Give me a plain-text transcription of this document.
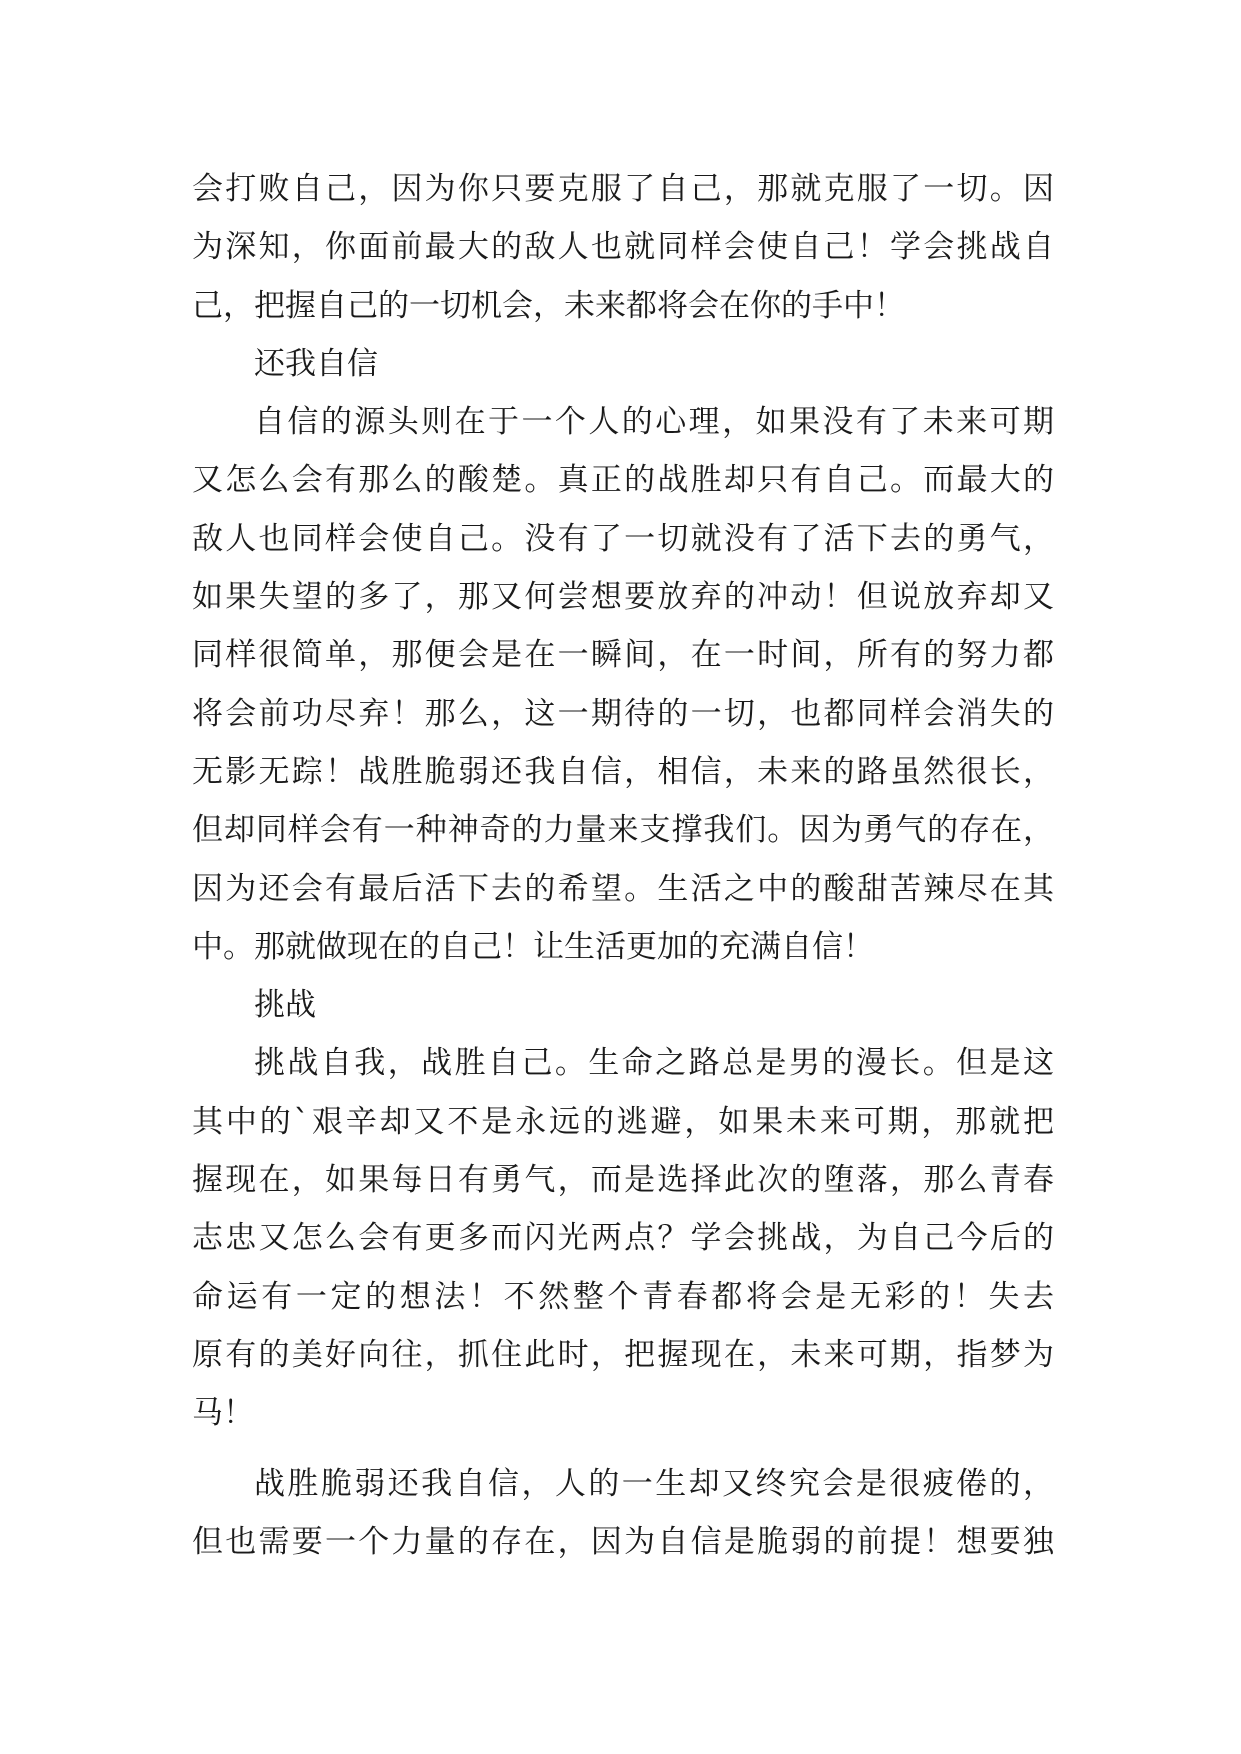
会打败自己，因为你只要克服了自己，那就克服了一切。因
为深知，你面前最大的敌人也就同样会使自己！学会挑战自
己，把握自己的一切机会，未来都将会在你的手中！
还我自信
自信的源头则在于一个人的心理，如果没有了未来可期
又怎么会有那么的酸楚。真正的战胜却只有自己。而最大的
敌人也同样会使自己。没有了一切就没有了活下去的勇气，
如果失望的多了，那又何尝想要放弃的冲动！但说放弃却又
同样很简单，那便会是在一瞬间，在一时间，所有的努力都
将会前功尽弃！那么，这一期待的一切，也都同样会消失的
无影无踪！战胜脆弱还我自信，相信，未来的路虽然很长，
但却同样会有一种神奇的力量来支撑我们。因为勇气的存在，
因为还会有最后活下去的希望。生活之中的酸甜苦辣尽在其
中。那就做现在的自己！让生活更加的充满自信！
挑战
挑战自我，战胜自己。生命之路总是男的漫长。但是这
其中的`艰辛却又不是永远的逃避，如果未来可期，那就把
握现在，如果每日有勇气，而是选择此次的堕落，那么青春
志忠又怎么会有更多而闪光两点？学会挑战，为自己今后的
命运有一定的想法！不然整个青春都将会是无彩的！失去
原有的美好向往，抓住此时，把握现在，未来可期，指梦为
马！
战胜脆弱还我自信，人的一生却又终究会是很疲倦的，
但也需要一个力量的存在，因为自信是脆弱的前提！想要独
